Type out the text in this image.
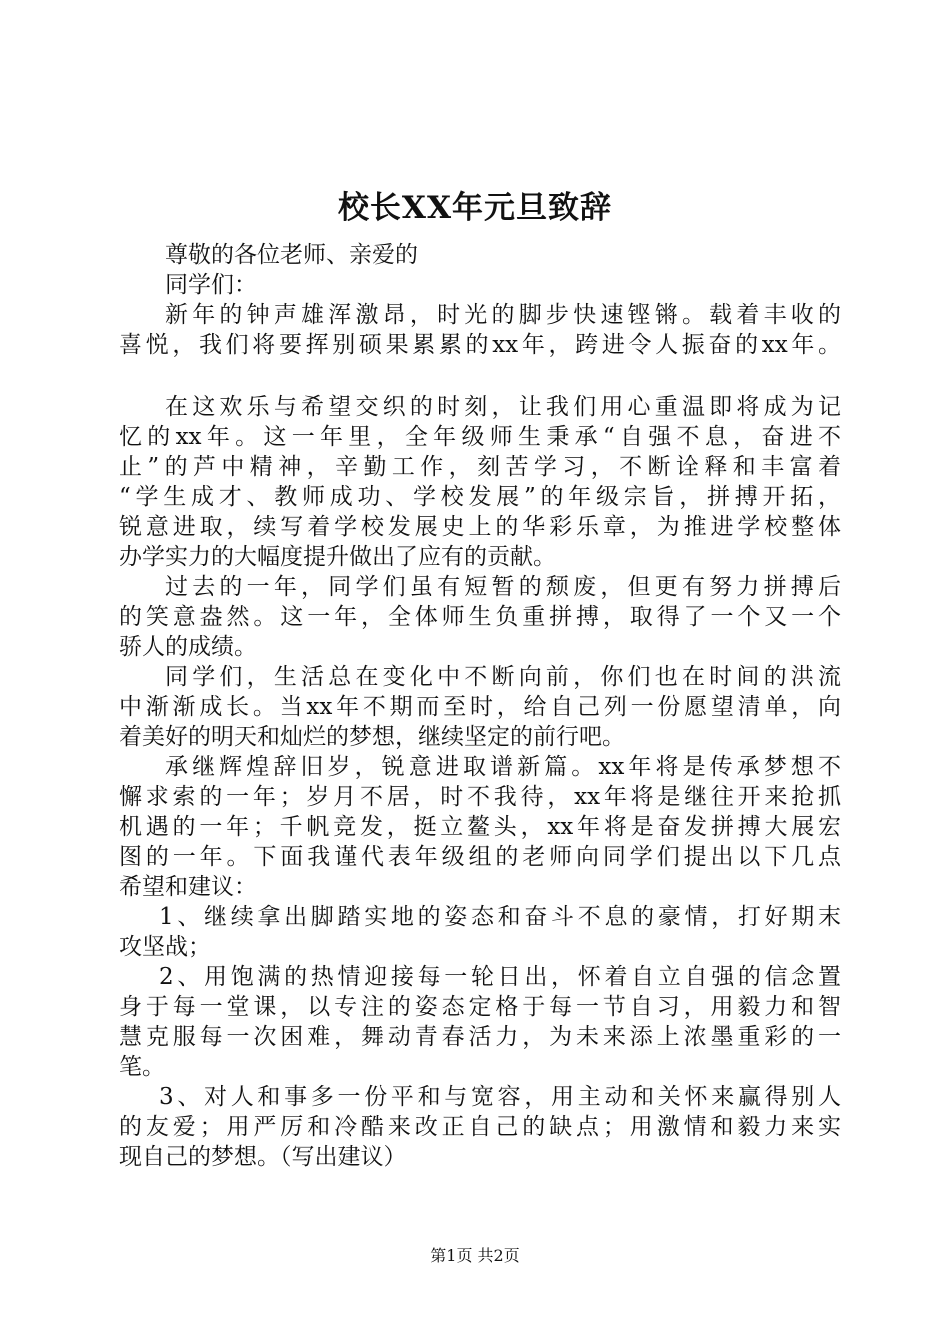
校长XX年元旦致辞
尊敬的各位老师、亲爱的
同学们：
新年的钟声雄浑激昂，时光的脚步快速铿锵。载着丰收的
喜悦，我们将要挥别硕果累累的xx年，跨进令人振奋的xx年。
在这欢乐与希望交织的时刻，让我们用心重温即将成为记
忆的xx年。这一年里，全年级师生秉承“自强不息，奋进不
止”的芦中精神，辛勤工作，刻苦学习，不断诠释和丰富着
“学生成才、教师成功、学校发展”的年级宗旨，拼搏开拓，
锐意进取，续写着学校发展史上的华彩乐章，为推进学校整体
办学实力的大幅度提升做出了应有的贡献。
过去的一年，同学们虽有短暂的颓废，但更有努力拼搏后
的笑意盎然。这一年，全体师生负重拼搏，取得了一个又一个
骄人的成绩。
同学们，生活总在变化中不断向前，你们也在时间的洪流
中渐渐成长。当xx年不期而至时，给自己列一份愿望清单，向
着美好的明天和灿烂的梦想，继续坚定的前行吧。
承继辉煌辞旧岁，锐意进取谱新篇。xx年将是传承梦想不
懈求索的一年；岁月不居，时不我待，xx年将是继往开来抢抓
机遇的一年；千帆竞发，挺立鳌头，xx年将是奋发拼搏大展宏
图的一年。下面我谨代表年级组的老师向同学们提出以下几点
希望和建议：
1、继续拿出脚踏实地的姿态和奋斗不息的豪情，打好期末
攻坚战；
2、用饱满的热情迎接每一轮日出，怀着自立自强的信念置
身于每一堂课，以专注的姿态定格于每一节自习，用毅力和智
慧克服每一次困难，舞动青春活力，为未来添上浓墨重彩的一
笔。
3、对人和事多一份平和与宽容，用主动和关怀来赢得别人
的友爱；用严厉和冷酷来改正自己的缺点；用激情和毅力来实
现自己的梦想。（写出建议）
第1页 共2页
